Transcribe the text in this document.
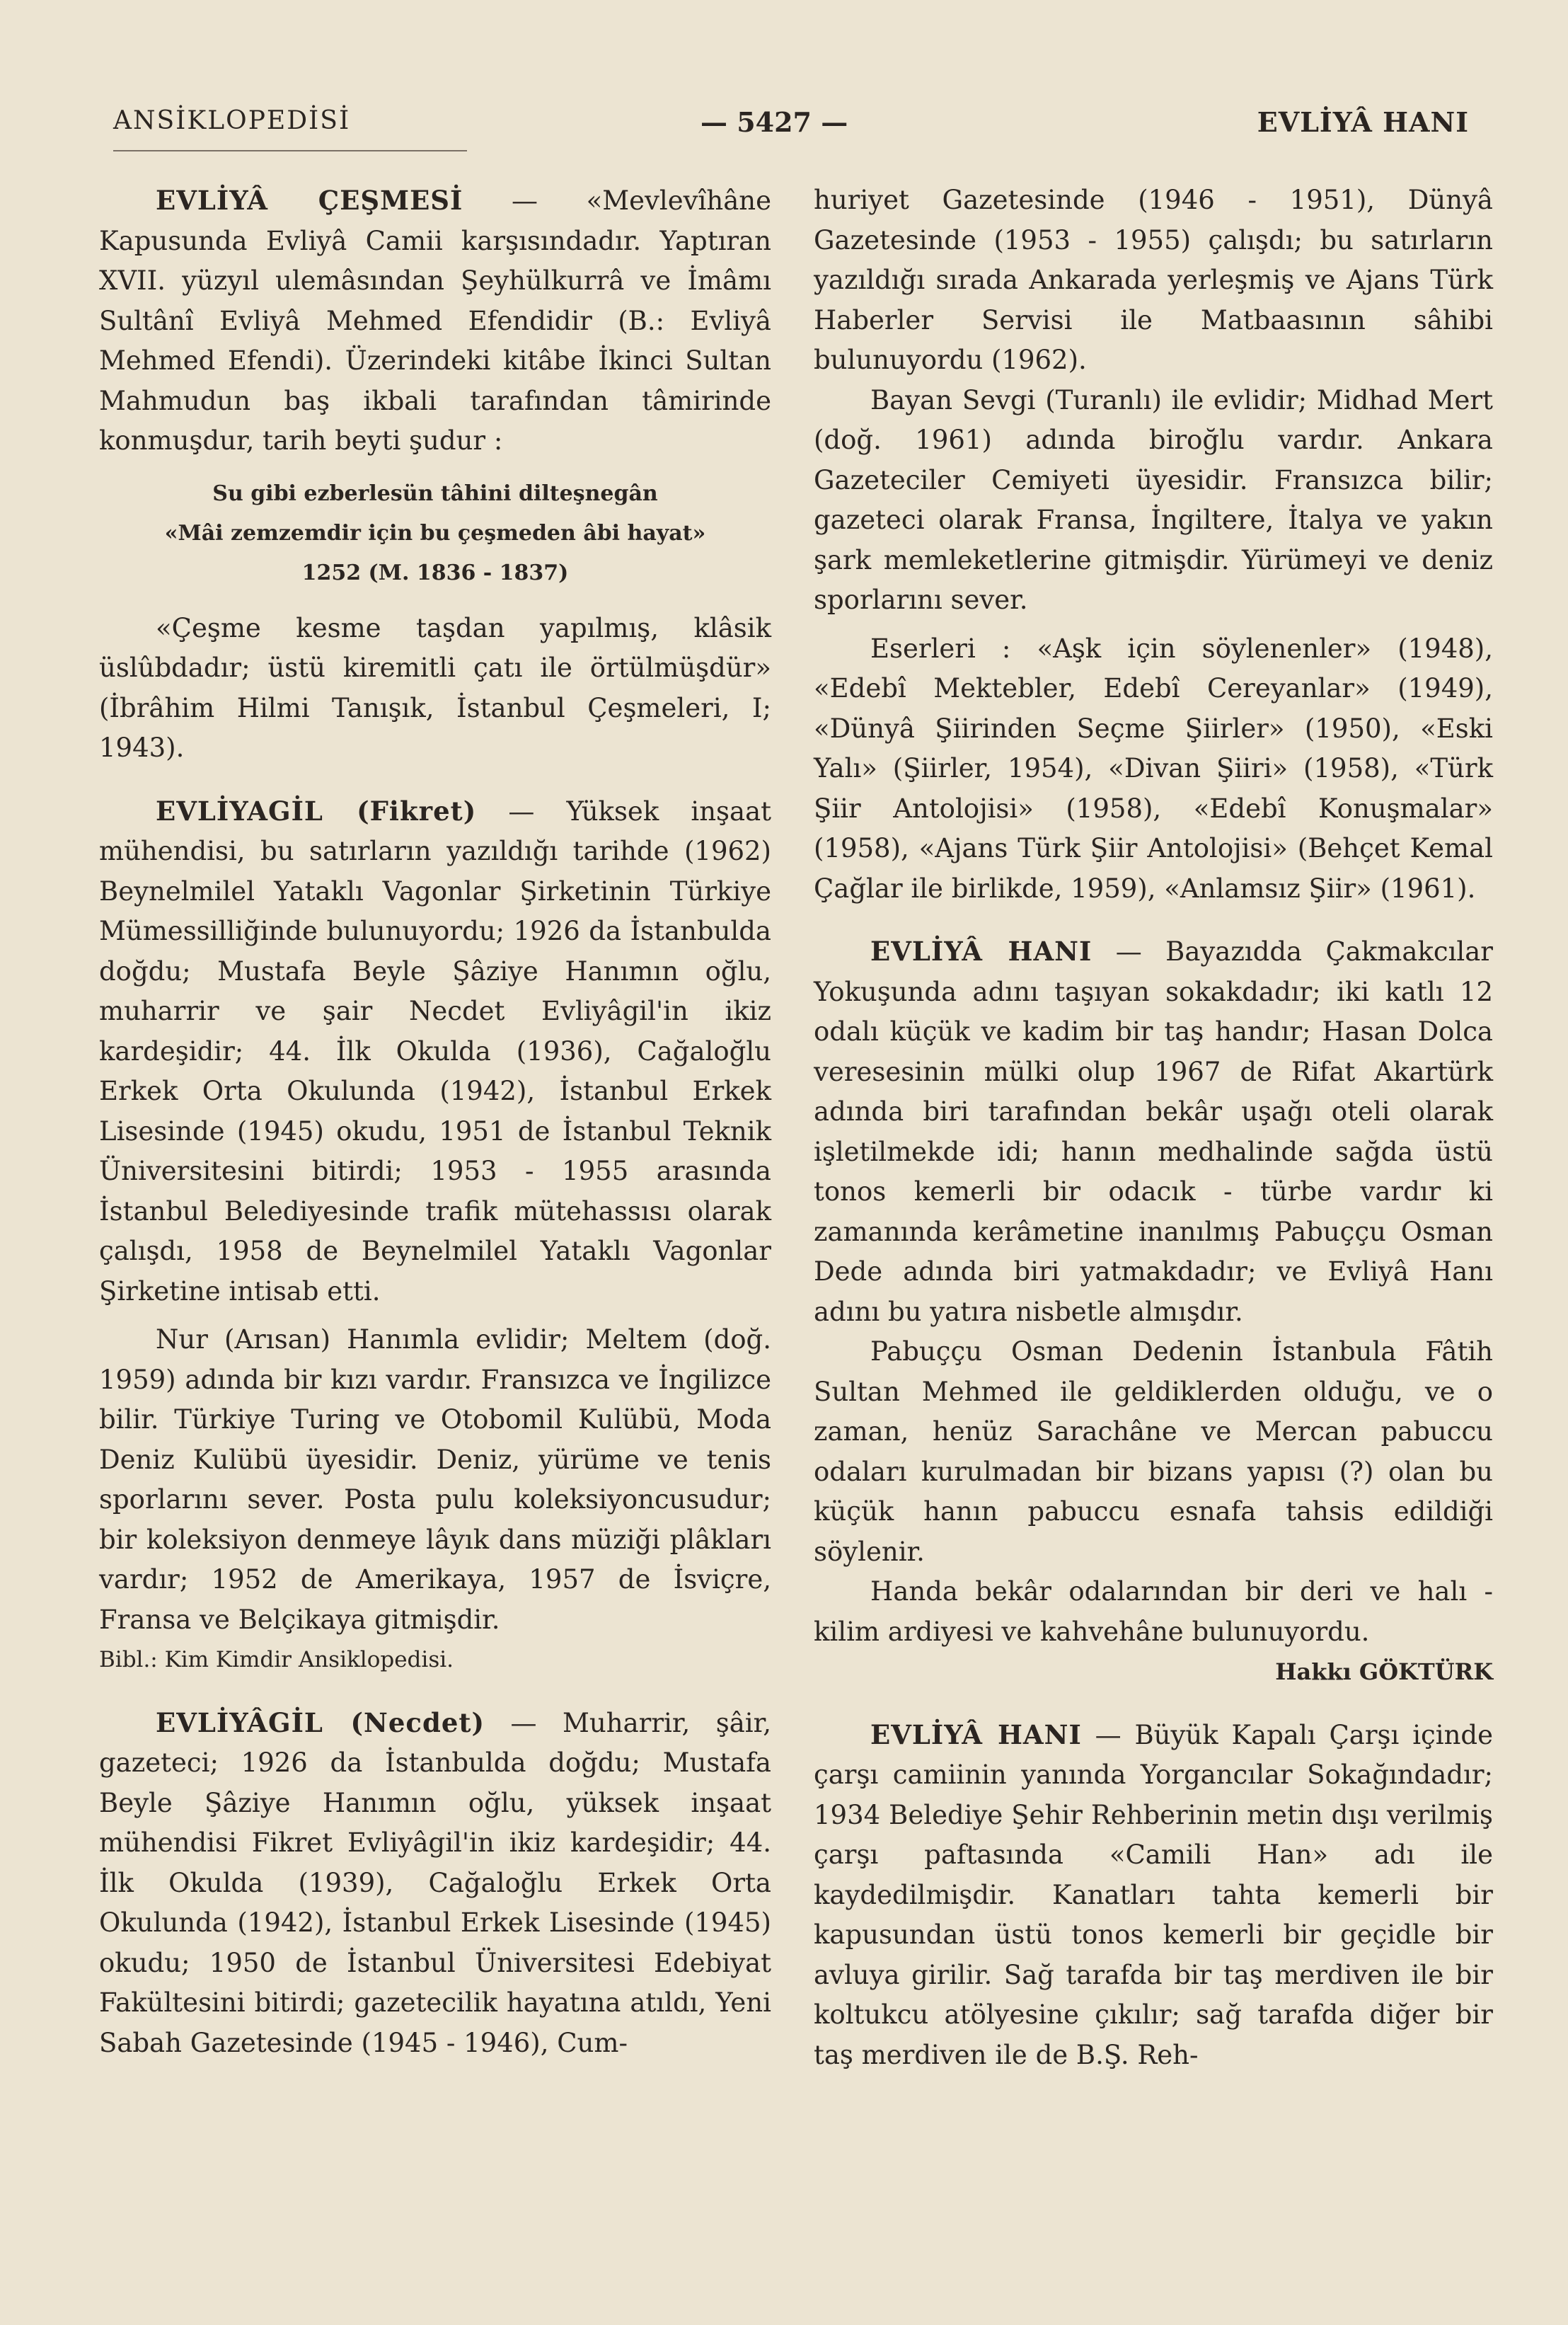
ANSİKLOPEDİSİ	— 5427 —	EVLİYÂ HANI

EVLİYÂ ÇEŞMESİ — «Mevlevîhâne Kapusunda Evliyâ Camii karşısındadır. Yaptıran XVII. yüzyıl ulemâsından Şeyhülkurrâ ve İmâmı Sultânî Evliyâ Mehmed Efendidir (B.: Evliyâ Mehmed Efendi). Üzerindeki kitâbe İkinci Sultan Mahmudun baş ikbali tarafından tâmirinde konmuşdur, tarih beyti şudur :

Su gibi ezberlesün tâhini dilteşnegân
«Mâi zemzemdir için bu çeşmeden âbi hayat»
1252 (M. 1836 - 1837)

«Çeşme kesme taşdan yapılmış, klâsik üslûbdadır; üstü kiremitli çatı ile örtülmüşdür» (İbrâhim Hilmi Tanışık, İstanbul Çeşmeleri, I; 1943).

EVLİYAGİL (Fikret) — Yüksek inşaat mühendisi, bu satırların yazıldığı tarihde (1962) Beynelmilel Yataklı Vagonlar Şirketinin Türkiye Mümessilliğinde bulunuyordu; 1926 da İstanbulda doğdu; Mustafa Beyle Şâziye Hanımın oğlu, muharrir ve şair Necdet Evliyâgil'in ikiz kardeşidir; 44. İlk Okulda (1936), Cağaloğlu Erkek Orta Okulunda (1942), İstanbul Erkek Lisesinde (1945) okudu, 1951 de İstanbul Teknik Üniversitesini bitirdi; 1953 - 1955 arasında İstanbul Belediyesinde trafik mütehassısı olarak çalışdı, 1958 de Beynelmilel Yataklı Vagonlar Şirketine intisab etti.

Nur (Arısan) Hanımla evlidir; Meltem (doğ. 1959) adında bir kızı vardır. Fransızca ve İngilizce bilir. Türkiye Turing ve Otobomil Kulübü, Moda Deniz Kulübü üyesidir. Deniz, yürüme ve tenis sporlarını sever. Posta pulu koleksiyoncusudur; bir koleksiyon denmeye lâyık dans müziği plâkları vardır; 1952 de Amerikaya, 1957 de İsviçre, Fransa ve Belçikaya gitmişdir.

Bibl.: Kim Kimdir Ansiklopedisi.

EVLİYÂGİL (Necdet) — Muharrir, şâir, gazeteci; 1926 da İstanbulda doğdu; Mustafa Beyle Şâziye Hanımın oğlu, yüksek inşaat mühendisi Fikret Evliyâgil'in ikiz kardeşidir; 44. İlk Okulda (1939), Cağaloğlu Erkek Orta Okulunda (1942), İstanbul Erkek Lisesinde (1945) okudu; 1950 de İstanbul Üniversitesi Edebiyat Fakültesini bitirdi; gazetecilik hayatına atıldı, Yeni Sabah Gazetesinde (1945 - 1946), Cum-

huriyet Gazetesinde (1946 - 1951), Dünyâ Gazetesinde (1953 - 1955) çalışdı; bu satırların yazıldığı sırada Ankarada yerleşmiş ve Ajans Türk Haberler Servisi ile Matbaasının sâhibi bulunuyordu (1962).

Bayan Sevgi (Turanlı) ile evlidir; Midhad Mert (doğ. 1961) adında biroğlu vardır. Ankara Gazeteciler Cemiyeti üyesidir. Fransızca bilir; gazeteci olarak Fransa, İngiltere, İtalya ve yakın şark memleketlerine gitmişdir. Yürümeyi ve deniz sporlarını sever.

Eserleri : «Aşk için söylenenler» (1948), «Edebî Mektebler, Edebî Cereyanlar» (1949), «Dünyâ Şiirinden Seçme Şiirler» (1950), «Eski Yalı» (Şiirler, 1954), «Divan Şiiri» (1958), «Türk Şiir Antolojisi» (1958), «Edebî Konuşmalar» (1958), «Ajans Türk Şiir Antolojisi» (Behçet Kemal Çağlar ile birlikde, 1959), «Anlamsız Şiir» (1961).

EVLİYÂ HANI — Bayazıdda Çakmakcılar Yokuşunda adını taşıyan sokakdadır; iki katlı 12 odalı küçük ve kadim bir taş handır; Hasan Dolca veresesinin mülki olup 1967 de Rifat Akartürk adında biri tarafından bekâr uşağı oteli olarak işletilmekde idi; hanın medhalinde sağda üstü tonos kemerli bir odacık - türbe vardır ki zamanında kerâmetine inanılmış Pabuççu Osman Dede adında biri yatmakdadır; ve Evliyâ Hanı adını bu yatıra nisbetle almışdır.

Pabuççu Osman Dedenin İstanbula Fâtih Sultan Mehmed ile geldiklerden olduğu, ve o zaman, henüz Sarachâne ve Mercan pabuccu odaları kurulmadan bir bizans yapısı (?) olan bu küçük hanın pabuccu esnafa tahsis edildiği söylenir.

Handa bekâr odalarından bir deri ve halı - kilim ardiyesi ve kahvehâne bulunuyordu.

Hakkı GÖKTÜRK

EVLİYÂ HANI — Büyük Kapalı Çarşı içinde çarşı camiinin yanında Yorgancılar Sokağındadır; 1934 Belediye Şehir Rehberinin metin dışı verilmiş çarşı paftasında «Camili Han» adı ile kaydedilmişdir. Kanatları tahta kemerli bir kapusundan üstü tonos kemerli bir geçidle bir avluya girilir. Sağ tarafda bir taş merdiven ile bir koltukcu atölyesine çıkılır; sağ tarafda diğer bir taş merdiven ile de B.Ş. Reh-
